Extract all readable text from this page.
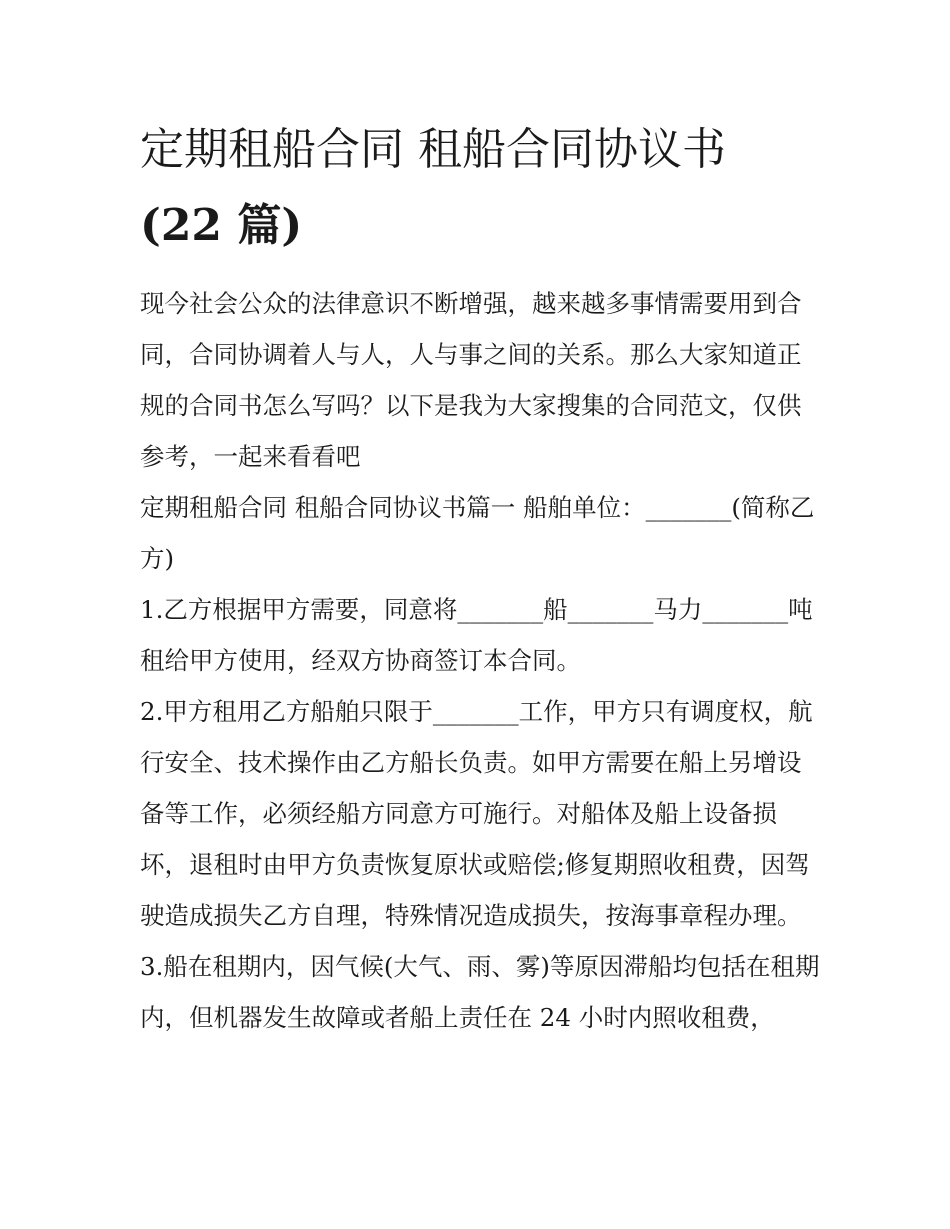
定期租船合同 租船合同协议书
(22 篇)

现今社会公众的法律意识不断增强，越来越多事情需要用到合同，合同协调着人与人，人与事之间的关系。那么大家知道正规的合同书怎么写吗？以下是我为大家搜集的合同范文，仅供参考，一起来看看吧

定期租船合同 租船合同协议书篇一 船舶单位：_______(简称乙方)

1.乙方根据甲方需要，同意将_______船_______马力_______吨租给甲方使用，经双方协商签订本合同。

2.甲方租用乙方船舶只限于_______工作，甲方只有调度权，航行安全、技术操作由乙方船长负责。如甲方需要在船上另增设备等工作，必须经船方同意方可施行。对船体及船上设备损坏，退租时由甲方负责恢复原状或赔偿;修复期照收租费，因驾驶造成损失乙方自理，特殊情况造成损失，按海事章程办理。

3.船在租期内，因气候(大气、雨、雾)等原因滞船均包括在租期内，但机器发生故障或者船上责任在 24 小时内照收租费，
